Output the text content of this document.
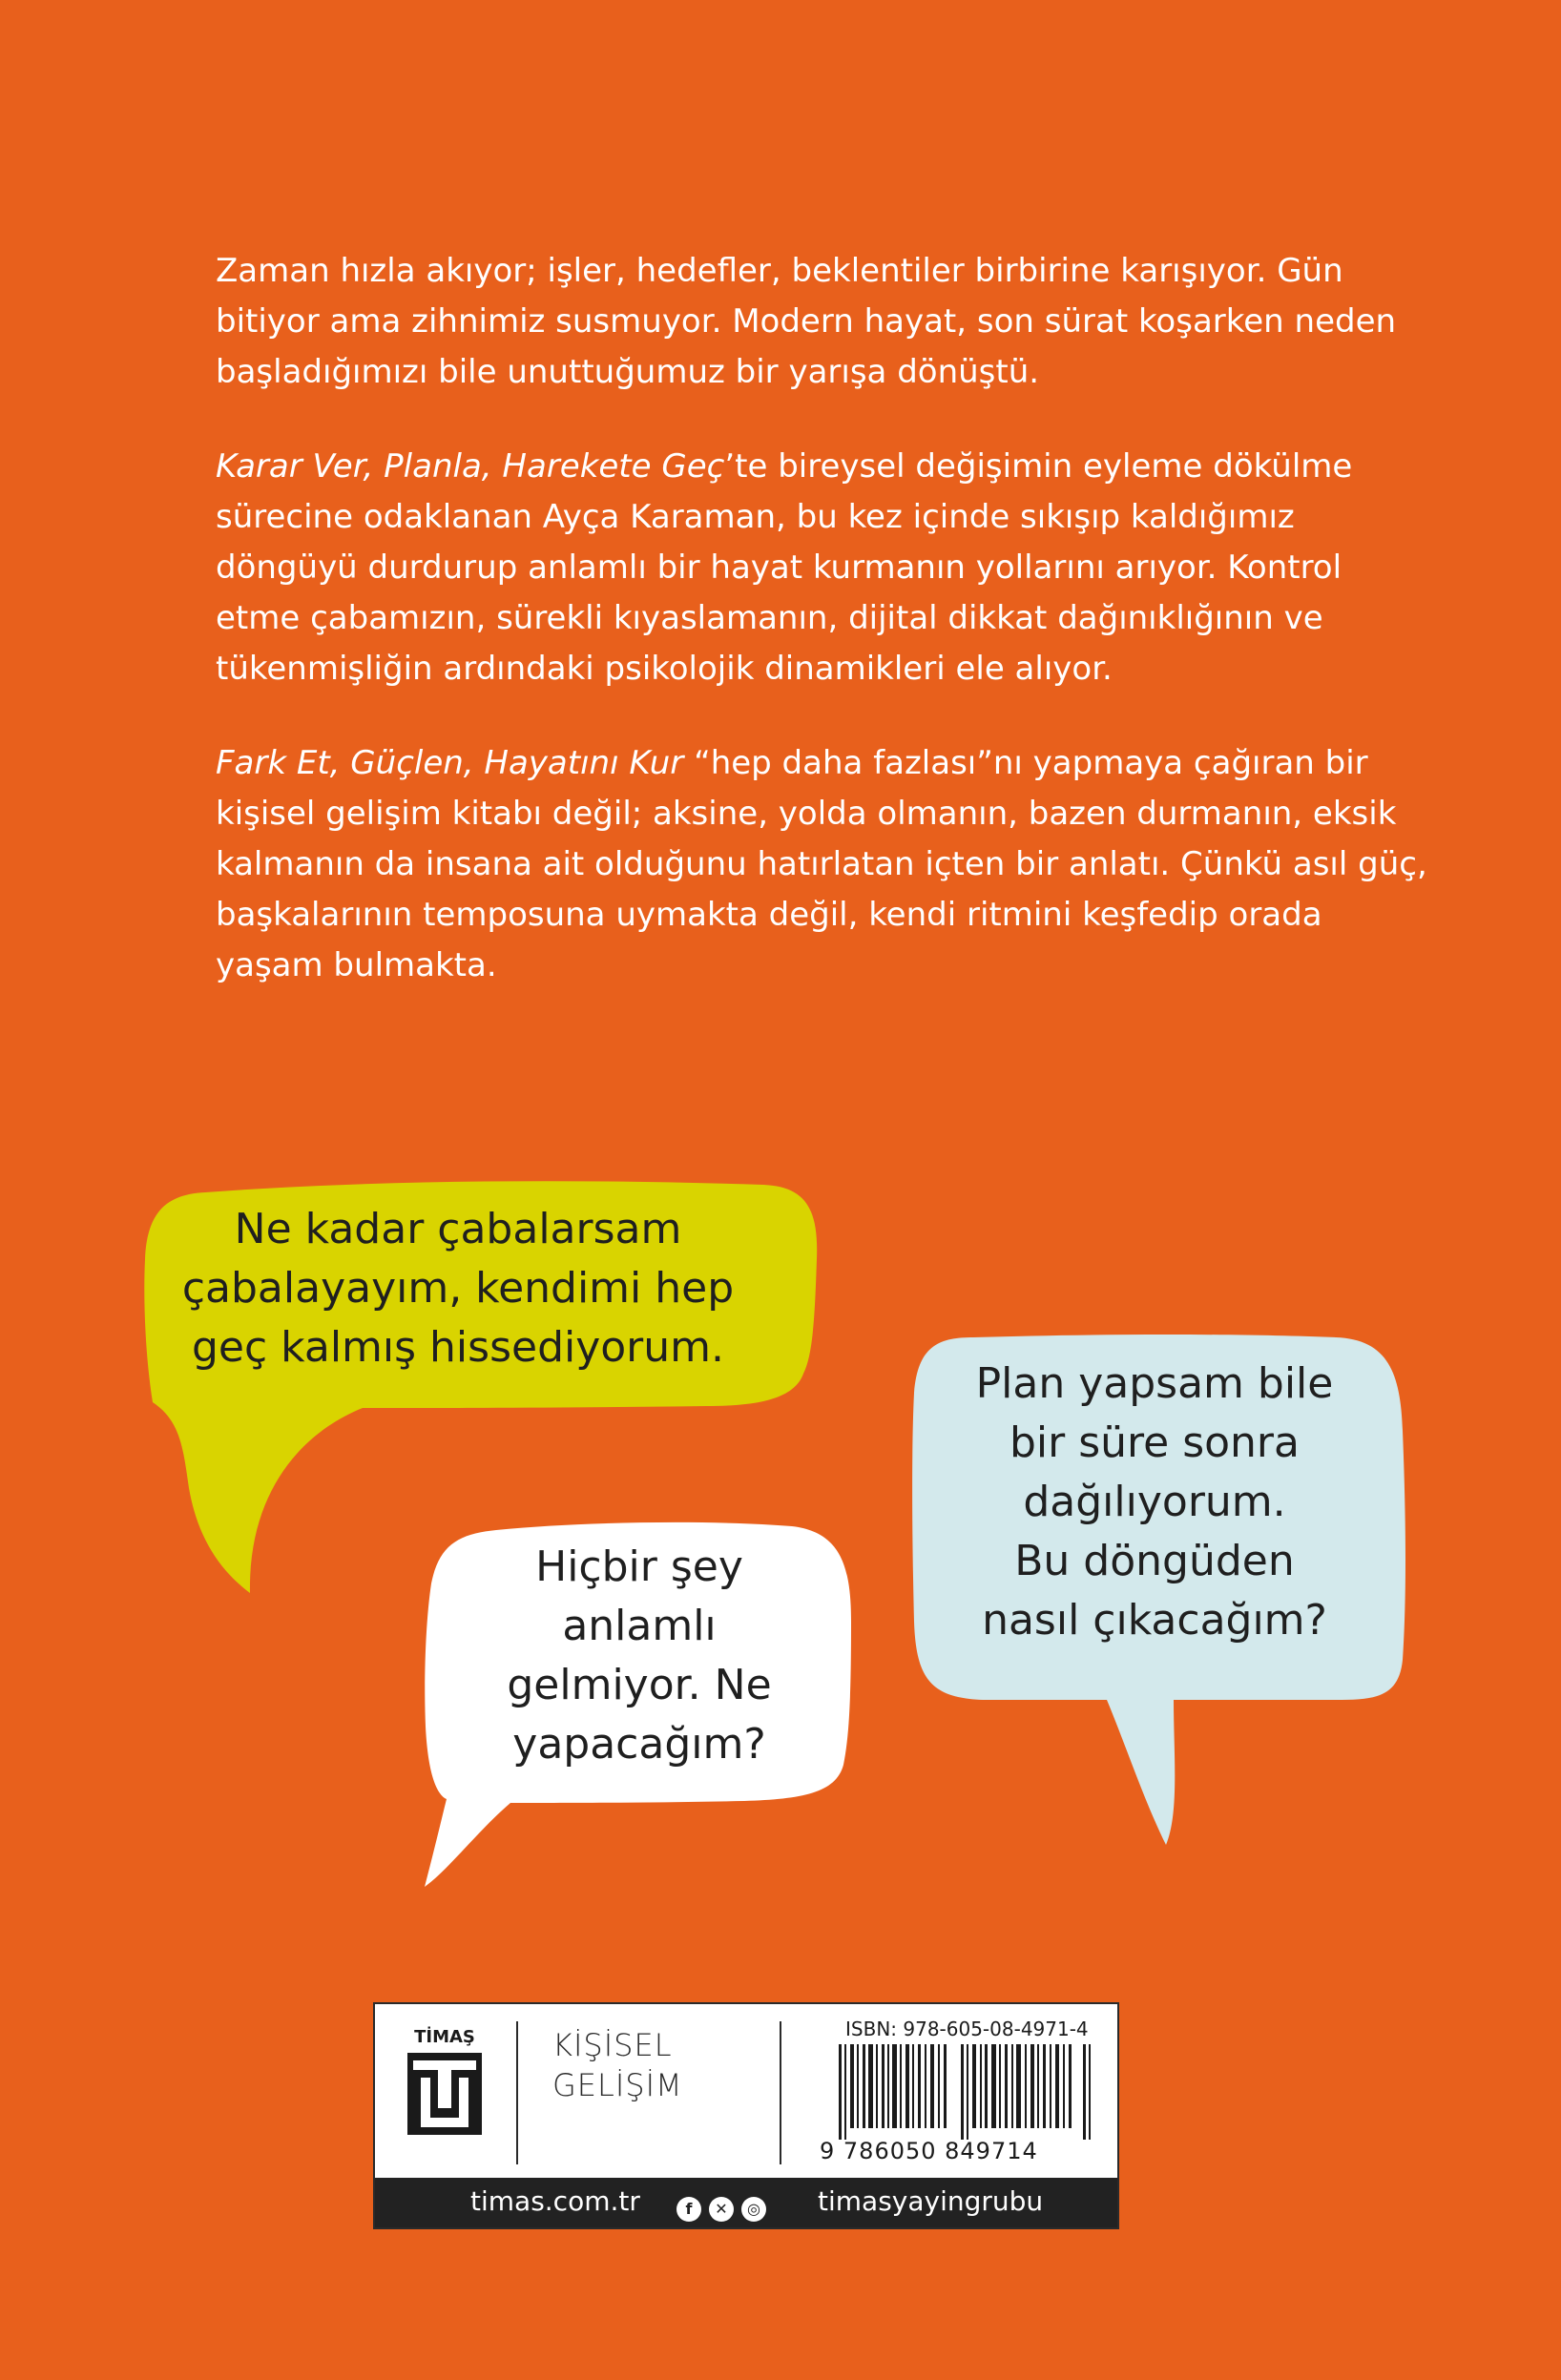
Zaman hızla akıyor; işler, hedefler, beklentiler birbirine karışıyor. Gün bitiyor ama zihnimiz susmuyor. Modern hayat, son sürat koşarken neden başladığımızı bile unuttuğumuz bir yarışa dönüştü.

Karar Ver, Planla, Harekete Geç’te bireysel değişimin eyleme dökülme sürecine odaklanan Ayça Karaman, bu kez içinde sıkışıp kaldığımız döngüyü durdurup anlamlı bir hayat kurmanın yollarını arıyor. Kontrol etme çabamızın, sürekli kıyaslamanın, dijital dikkat dağınıklığının ve tükenmişliğin ardındaki psikolojik dinamikleri ele alıyor.

Fark Et, Güçlen, Hayatını Kur “hep daha fazlası”nı yapmaya çağıran bir kişisel gelişim kitabı değil; aksine, yolda olmanın, bazen durmanın, eksik kalmanın da insana ait olduğunu hatırlatan içten bir anlatı. Çünkü asıl güç, başkalarının temposuna uymakta değil, kendi ritmini keşfedip orada yaşam bulmakta.

Ne kadar çabalarsam
çabalayayım, kendimi hep
geç kalmış hissediyorum.
Hiçbir şey
anlamlı
gelmiyor. Ne
yapacağım?
Plan yapsam bile
bir süre sonra
dağılıyorum.
Bu döngüden
nasıl çıkacağım?
TİMAŞ	KİŞİSEL
GELİŞİM
ISBN: 978-605-08-4971-4
9 786050 849714
timas.com.tr	f ✕ ◎	timasyayingrubu
